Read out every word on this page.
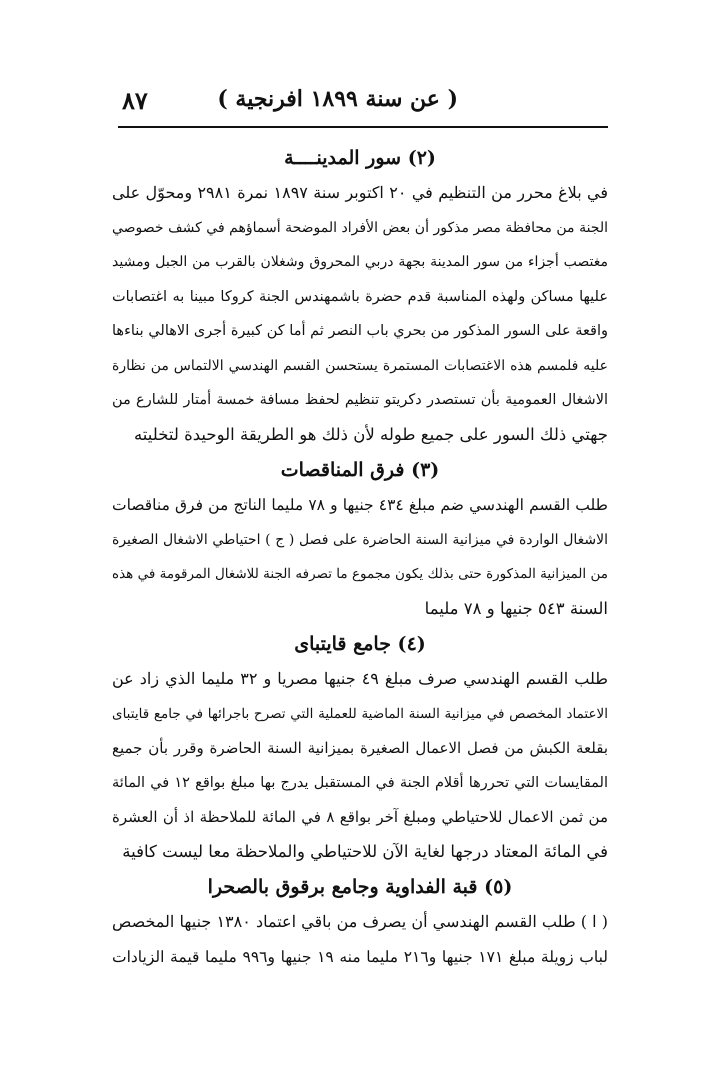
( عن سنة ١٨٩٩ افرنجية )
٨٧

(٢) سور المدينــــة

في بلاغ محرر من التنظيم في ٢٠ اكتوبر سنة ١٨٩٧ نمرة ٢٩٨١ ومحوّل على
الجنة من محافظة مصر مذكور أن بعض الأفراد الموضحة أسماؤهم في كشف خصوصي
مغتصب أجزاء من سور المدينة بجهة دربي المحروق وشغلان بالقرب من الجبل ومشيد
عليها مساكن ولهذه المناسبة قدم حضرة باشمهندس الجنة كروكا مبينا به اغتصابات
واقعة على السور المذكور من بحري باب النصر ثم أما كن كبيرة أجرى الاهالي بناءها
عليه فلمسم هذه الاغتصابات المستمرة يستحسن القسم الهندسي الالتماس من نظارة
الاشغال العمومية بأن تستصدر دكريتو تنظيم لحفظ مسافة خمسة أمتار للشارع من
جهتي ذلك السور على جميع طوله لأن ذلك هو الطريقة الوحيدة لتخليته

(٣) فرق المناقصات

طلب القسم الهندسي ضم مبلغ ٤٣٤ جنيها و ٧٨ مليما الناتج من فرق مناقصات
الاشغال الواردة في ميزانية السنة الحاضرة على فصل ( ج ) احتياطي الاشغال الصغيرة
من الميزانية المذكورة حتى بذلك يكون مجموع ما تصرفه الجنة للاشغال المرقومة في هذه
السنة ٥٤٣ جنيها و ٧٨ مليما

(٤) جامع قايتباى

طلب القسم الهندسي صرف مبلغ ٤٩ جنيها مصريا و ٣٢ مليما الذي زاد عن
الاعتماد المخصص في ميزانية السنة الماضية للعملية التي تصرح باجرائها في جامع قايتباى
بقلعة الكبش من فصل الاعمال الصغيرة بميزانية السنة الحاضرة وقرر بأن جميع
المقايسات التي تحررها أقلام الجنة في المستقبل يدرج بها مبلغ بواقع ١٢ في المائة
من ثمن الاعمال للاحتياطي ومبلغ آخر بواقع ٨ في المائة للملاحظة اذ أن العشرة
في المائة المعتاد درجها لغاية الآن للاحتياطي والملاحظة معا ليست كافية

(٥) قبة الفداوية وجامع برقوق بالصحرا

( ا ) طلب القسم الهندسي أن يصرف من باقي اعتماد ١٣٨٠ جنيها المخصص
لباب زويلة مبلغ ١٧١ جنيها و٢١٦ مليما منه ١٩ جنيها و٩٩٦ مليما قيمة الزيادات
